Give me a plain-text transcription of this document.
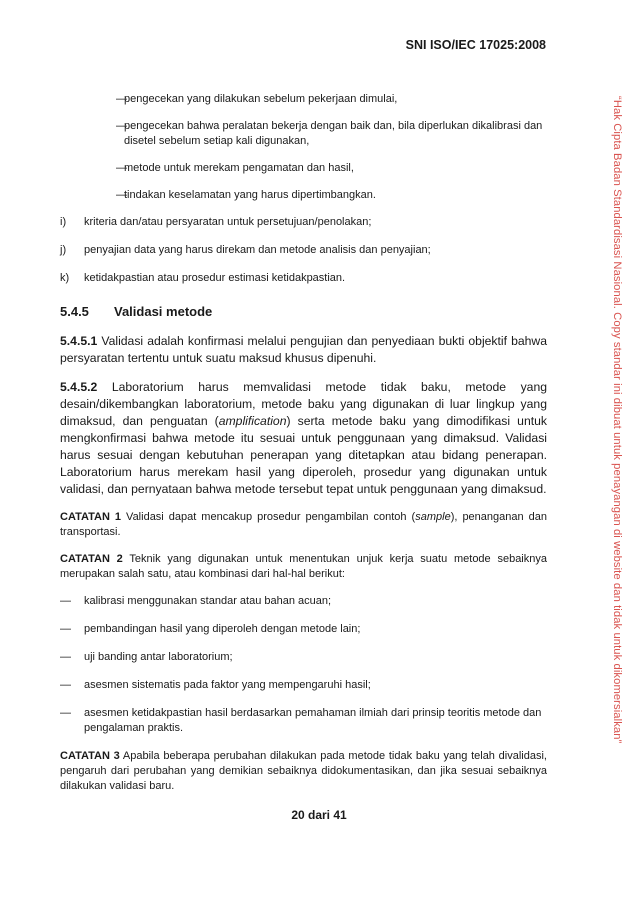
SNI ISO/IEC 17025:2008
“Hak Cipta Badan Standardisasi Nasional. Copy standar ini dibuat untuk penayangan di website dan tidak untuk dikomersialkan”
—
pengecekan yang dilakukan sebelum pekerjaan dimulai,
—
pengecekan bahwa peralatan bekerja dengan baik dan, bila diperlukan dikalibrasi dan disetel sebelum setiap kali digunakan,
—
metode untuk merekam pengamatan dan hasil,
—
tindakan keselamatan yang harus dipertimbangkan.
i) kriteria dan/atau persyaratan untuk persetujuan/penolakan;
j) penyajian data yang harus direkam dan metode analisis dan penyajian;
k) ketidakpastian atau prosedur estimasi ketidakpastian.
5.4.5 Validasi metode
5.4.5.1 Validasi adalah konfirmasi melalui pengujian dan penyediaan bukti objektif bahwa persyaratan tertentu untuk suatu maksud khusus dipenuhi.
5.4.5.2 Laboratorium harus memvalidasi metode tidak baku, metode yang desain/dikembangkan laboratorium, metode baku yang digunakan di luar lingkup yang dimaksud, dan penguatan (amplification) serta metode baku yang dimodifikasi untuk mengkonfirmasi bahwa metode itu sesuai untuk penggunaan yang dimaksud. Validasi harus sesuai dengan kebutuhan penerapan yang ditetapkan atau bidang penerapan. Laboratorium harus merekam hasil yang diperoleh, prosedur yang digunakan untuk validasi, dan pernyataan bahwa metode tersebut tepat untuk penggunaan yang dimaksud.
CATATAN 1 Validasi dapat mencakup prosedur pengambilan contoh (sample), penanganan dan transportasi.
CATATAN 2 Teknik yang digunakan untuk menentukan unjuk kerja suatu metode sebaiknya merupakan salah satu, atau kombinasi dari hal-hal berikut:
— kalibrasi menggunakan standar atau bahan acuan;
— pembandingan hasil yang diperoleh dengan metode lain;
— uji banding antar laboratorium;
— asesmen sistematis pada faktor yang mempengaruhi hasil;
— asesmen ketidakpastian hasil berdasarkan pemahaman ilmiah dari prinsip teoritis metode dan pengalaman praktis.
CATATAN 3 Apabila beberapa perubahan dilakukan pada metode tidak baku yang telah divalidasi, pengaruh dari perubahan yang demikian sebaiknya didokumentasikan, dan jika sesuai sebaiknya dilakukan validasi baru.
20 dari 41
